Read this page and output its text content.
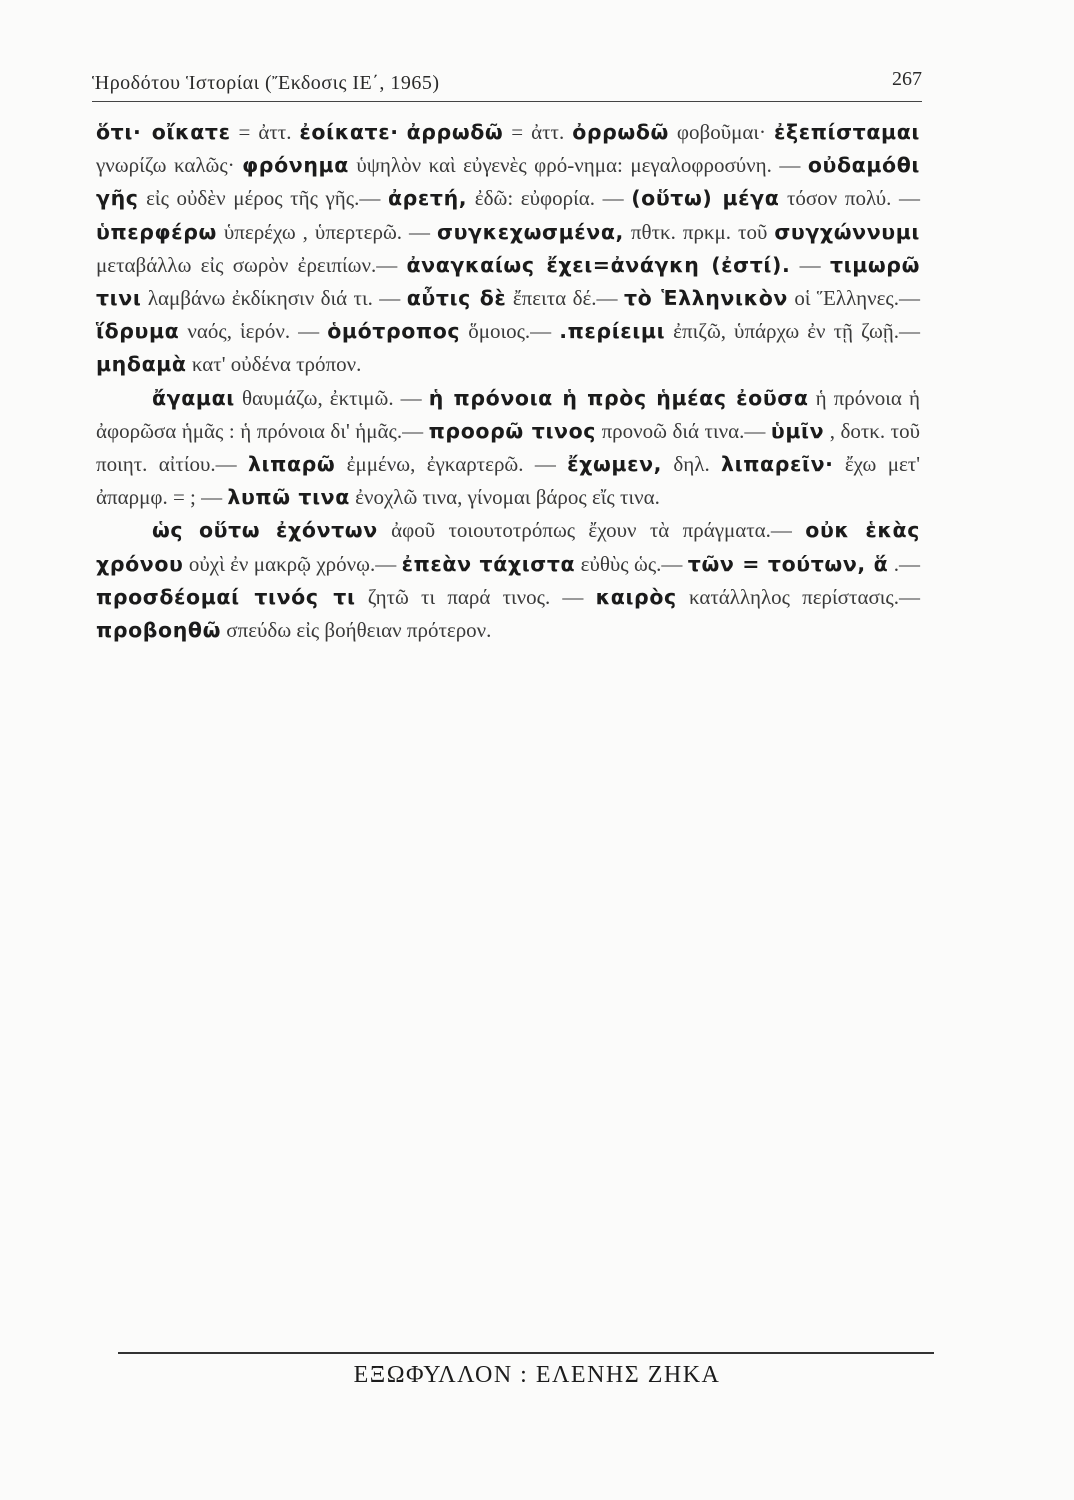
Ἡροδότου Ἱστορίαι (Ἔκδοσις ΙΕ΄, 1965)	267

ὅτι· οἴκατε = ἀττ. ἐοίκατε· ἀρρωδῶ = ἀττ. ὀρρωδῶ φοβοῦμαι· ἐξεπίσταμαι γνωρίζω καλῶς· φρόνημα ὑψηλὸν καὶ εὐγενὲς φρό-νημα: μεγαλοφροσύνη. — οὐδαμόθι γῆς εἰς οὐδὲν μέρος τῆς γῆς.— ἀρετή, ἐδῶ: εὐφορία. — (οὕτω) μέγα τόσον πολύ. — ὑπερφέρω ὑπερέχω , ὑπερτερῶ. — συγκεχωσμένα, πθτκ. πρκμ. τοῦ συγχώννυμι μεταβάλλω εἰς σωρὸν ἐρειπίων.— ἀναγκαίως ἔχει=ἀνάγκη (ἐστί). — τιμωρῶ τινι λαμβάνω ἐκδίκησιν διά τι. — αὖτις δὲ ἔπειτα δέ.— τὸ Ἑλληνικὸν οἱ Ἕλληνες.— ἵδρυμα ναός, ἱερόν. — ὁμότροπος ὅμοιος.— .περίειμι ἐπιζῶ, ὑπάρχω ἐν τῇ ζωῇ.— μηδαμὰ κατ' οὐδένα τρόπον.

ἄγαμαι θαυμάζω, ἐκτιμῶ. — ἡ πρόνοια ἡ πρὸς ἡμέας ἐοῦσα ἡ πρόνοια ἡ ἀφορῶσα ἡμᾶς : ἡ πρόνοια δι' ἡμᾶς.— προορῶ τινος προνοῶ διά τινα.— ὑμῖν , δοτκ. τοῦ ποιητ. αἰτίου.— λιπαρῶ ἐμμένω, ἐγκαρτερῶ. — ἔχωμεν, δηλ. λιπαρεῖν· ἔχω μετ' ἀπαρμφ. = ; — λυπῶ τινα ἐνοχλῶ τινα, γίνομαι βάρος εἴς τινα.

ὡς οὕτω ἐχόντων ἀφοῦ τοιουτοτρόπως ἔχουν τὰ πράγματα.— οὐκ ἑκὰς χρόνου οὐχὶ ἐν μακρῷ χρόνῳ.— ἐπεὰν τάχιστα εὐθὺς ὡς.— τῶν = τούτων, ἅ .— προσδέομαί τινός τι ζητῶ τι παρά τινος. — καιρὸς κατάλληλος περίστασις.— προβοηθῶ σπεύδω εἰς βοήθειαν πρότερον.

ΕΞΩΦΥΛΛΟΝ : ΕΛΕΝΗΣ ΖΗΚΑ
